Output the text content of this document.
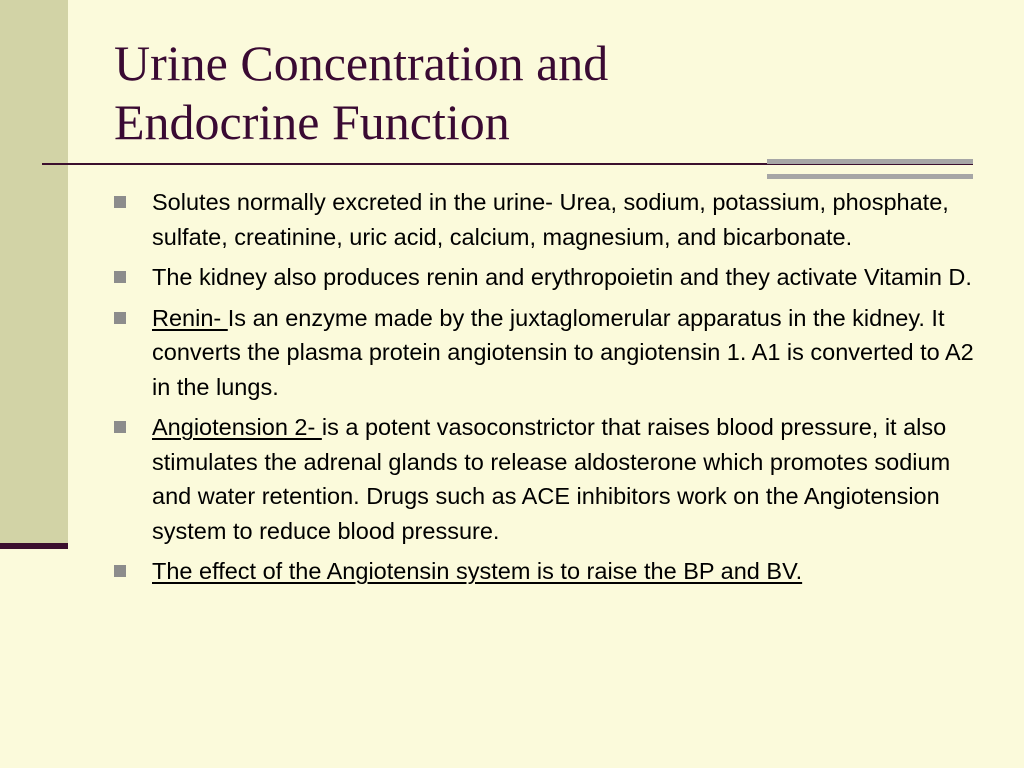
Urine Concentration and
Endocrine Function
Solutes normally excreted in the urine- Urea, sodium, potassium, phosphate, sulfate, creatinine, uric acid, calcium, magnesium, and bicarbonate.
The kidney also produces renin and erythropoietin and they activate Vitamin D.
Renin- Is an enzyme made by the juxtaglomerular apparatus in the kidney. It converts the plasma protein angiotensin to angiotensin 1. A1 is converted to A2 in the lungs.
Angiotension 2- is a potent vasoconstrictor that raises blood pressure, it also stimulates the adrenal glands to release aldosterone which promotes sodium and water retention. Drugs such as ACE inhibitors work on the Angiotension system to reduce blood pressure.
The effect of the Angiotensin system is to raise the BP and BV.
